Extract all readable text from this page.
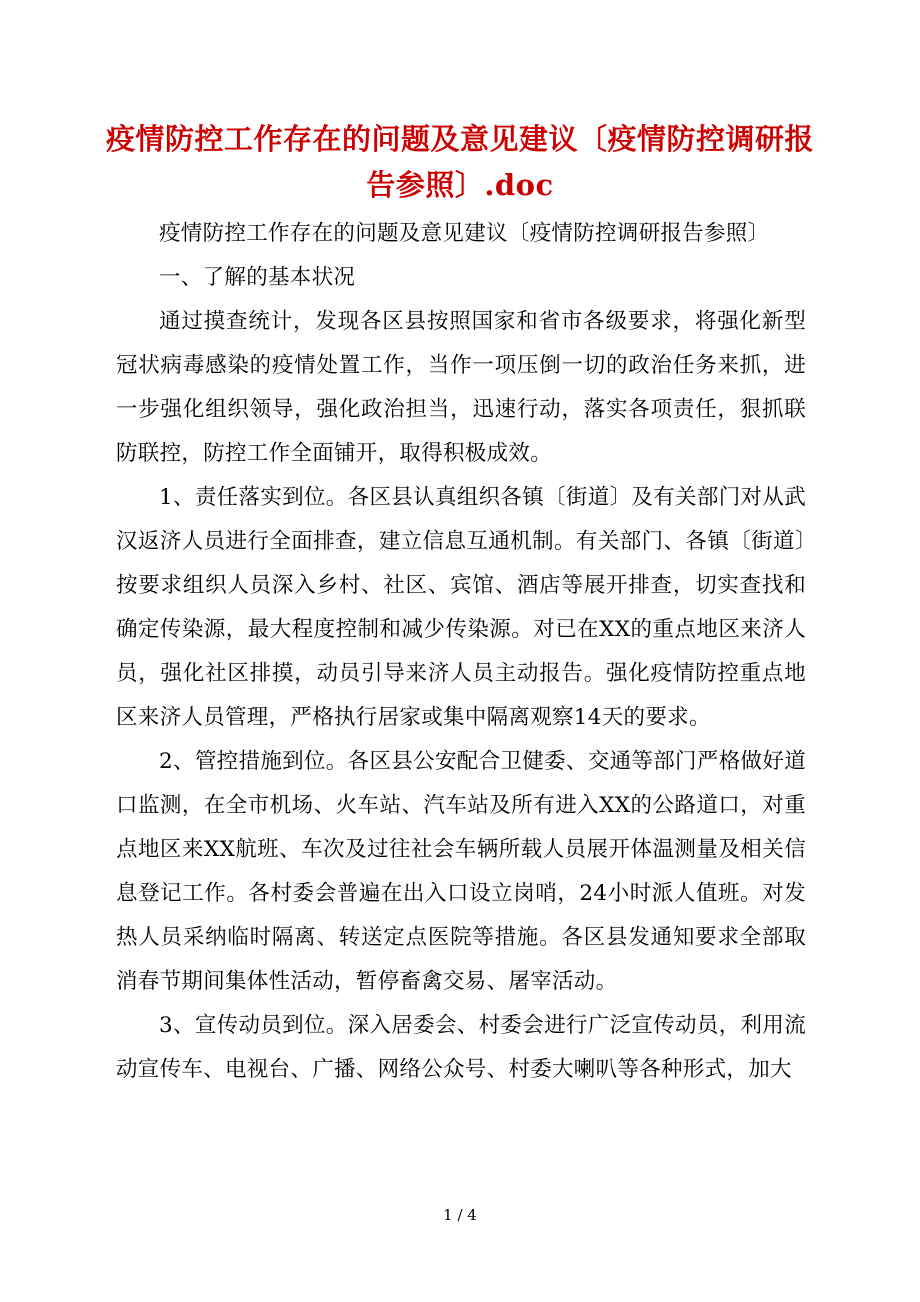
疫情防控工作存在的问题及意见建议〔疫情防控调研报告参照〕.doc

疫情防控工作存在的问题及意见建议〔疫情防控调研报告参照〕

一、了解的基本状况

通过摸查统计，发现各区县按照国家和省市各级要求，将强化新型冠状病毒感染的疫情处置工作，当作一项压倒一切的政治任务来抓，进一步强化组织领导，强化政治担当，迅速行动，落实各项责任，狠抓联防联控，防控工作全面铺开，取得积极成效。

1、责任落实到位。各区县认真组织各镇〔街道〕及有关部门对从武汉返济人员进行全面排查，建立信息互通机制。有关部门、各镇〔街道〕按要求组织人员深入乡村、社区、宾馆、酒店等展开排查，切实查找和确定传染源，最大程度控制和减少传染源。对已在XX的重点地区来济人员，强化社区排摸，动员引导来济人员主动报告。强化疫情防控重点地区来济人员管理，严格执行居家或集中隔离观察14天的要求。

2、管控措施到位。各区县公安配合卫健委、交通等部门严格做好道口监测，在全市机场、火车站、汽车站及所有进入XX的公路道口，对重点地区来XX航班、车次及过往社会车辆所载人员展开体温测量及相关信息登记工作。各村委会普遍在出入口设立岗哨，24小时派人值班。对发热人员采纳临时隔离、转送定点医院等措施。各区县发通知要求全部取消春节期间集体性活动，暂停畜禽交易、屠宰活动。

3、宣传动员到位。深入居委会、村委会进行广泛宣传动员，利用流动宣传车、电视台、广播、网络公众号、村委大喇叭等各种形式，加大

1 / 4
